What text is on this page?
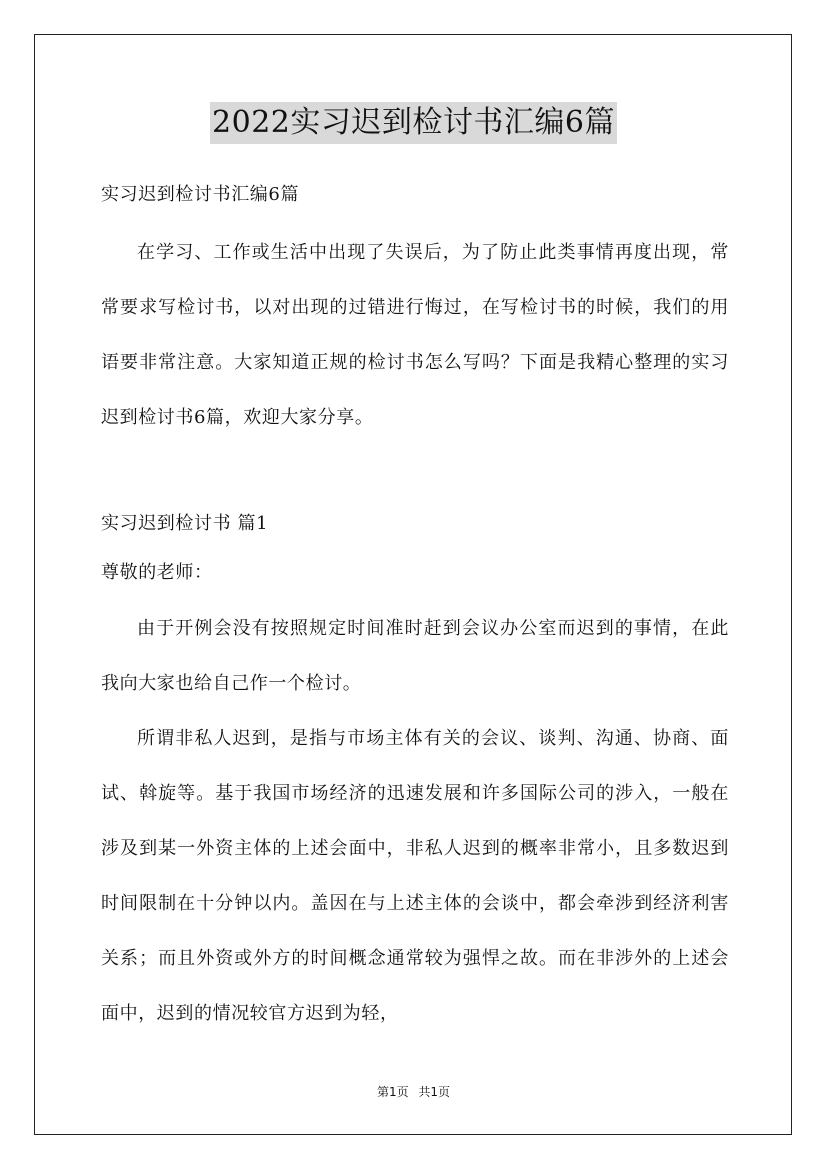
2022实习迟到检讨书汇编6篇

实习迟到检讨书汇编6篇

在学习、工作或生活中出现了失误后，为了防止此类事情再度出现，常常要求写检讨书，以对出现的过错进行悔过，在写检讨书的时候，我们的用语要非常注意。大家知道正规的检讨书怎么写吗？下面是我精心整理的实习迟到检讨书6篇，欢迎大家分享。

实习迟到检讨书 篇1

尊敬的老师：

由于开例会没有按照规定时间准时赶到会议办公室而迟到的事情，在此我向大家也给自己作一个检讨。

所谓非私人迟到，是指与市场主体有关的会议、谈判、沟通、协商、面试、斡旋等。基于我国市场经济的迅速发展和许多国际公司的涉入，一般在涉及到某一外资主体的上述会面中，非私人迟到的概率非常小，且多数迟到时间限制在十分钟以内。盖因在与上述主体的会谈中，都会牵涉到经济利害关系；而且外资或外方的时间概念通常较为强悍之故。而在非涉外的上述会面中，迟到的情况较官方迟到为轻，

第1页 共1页
